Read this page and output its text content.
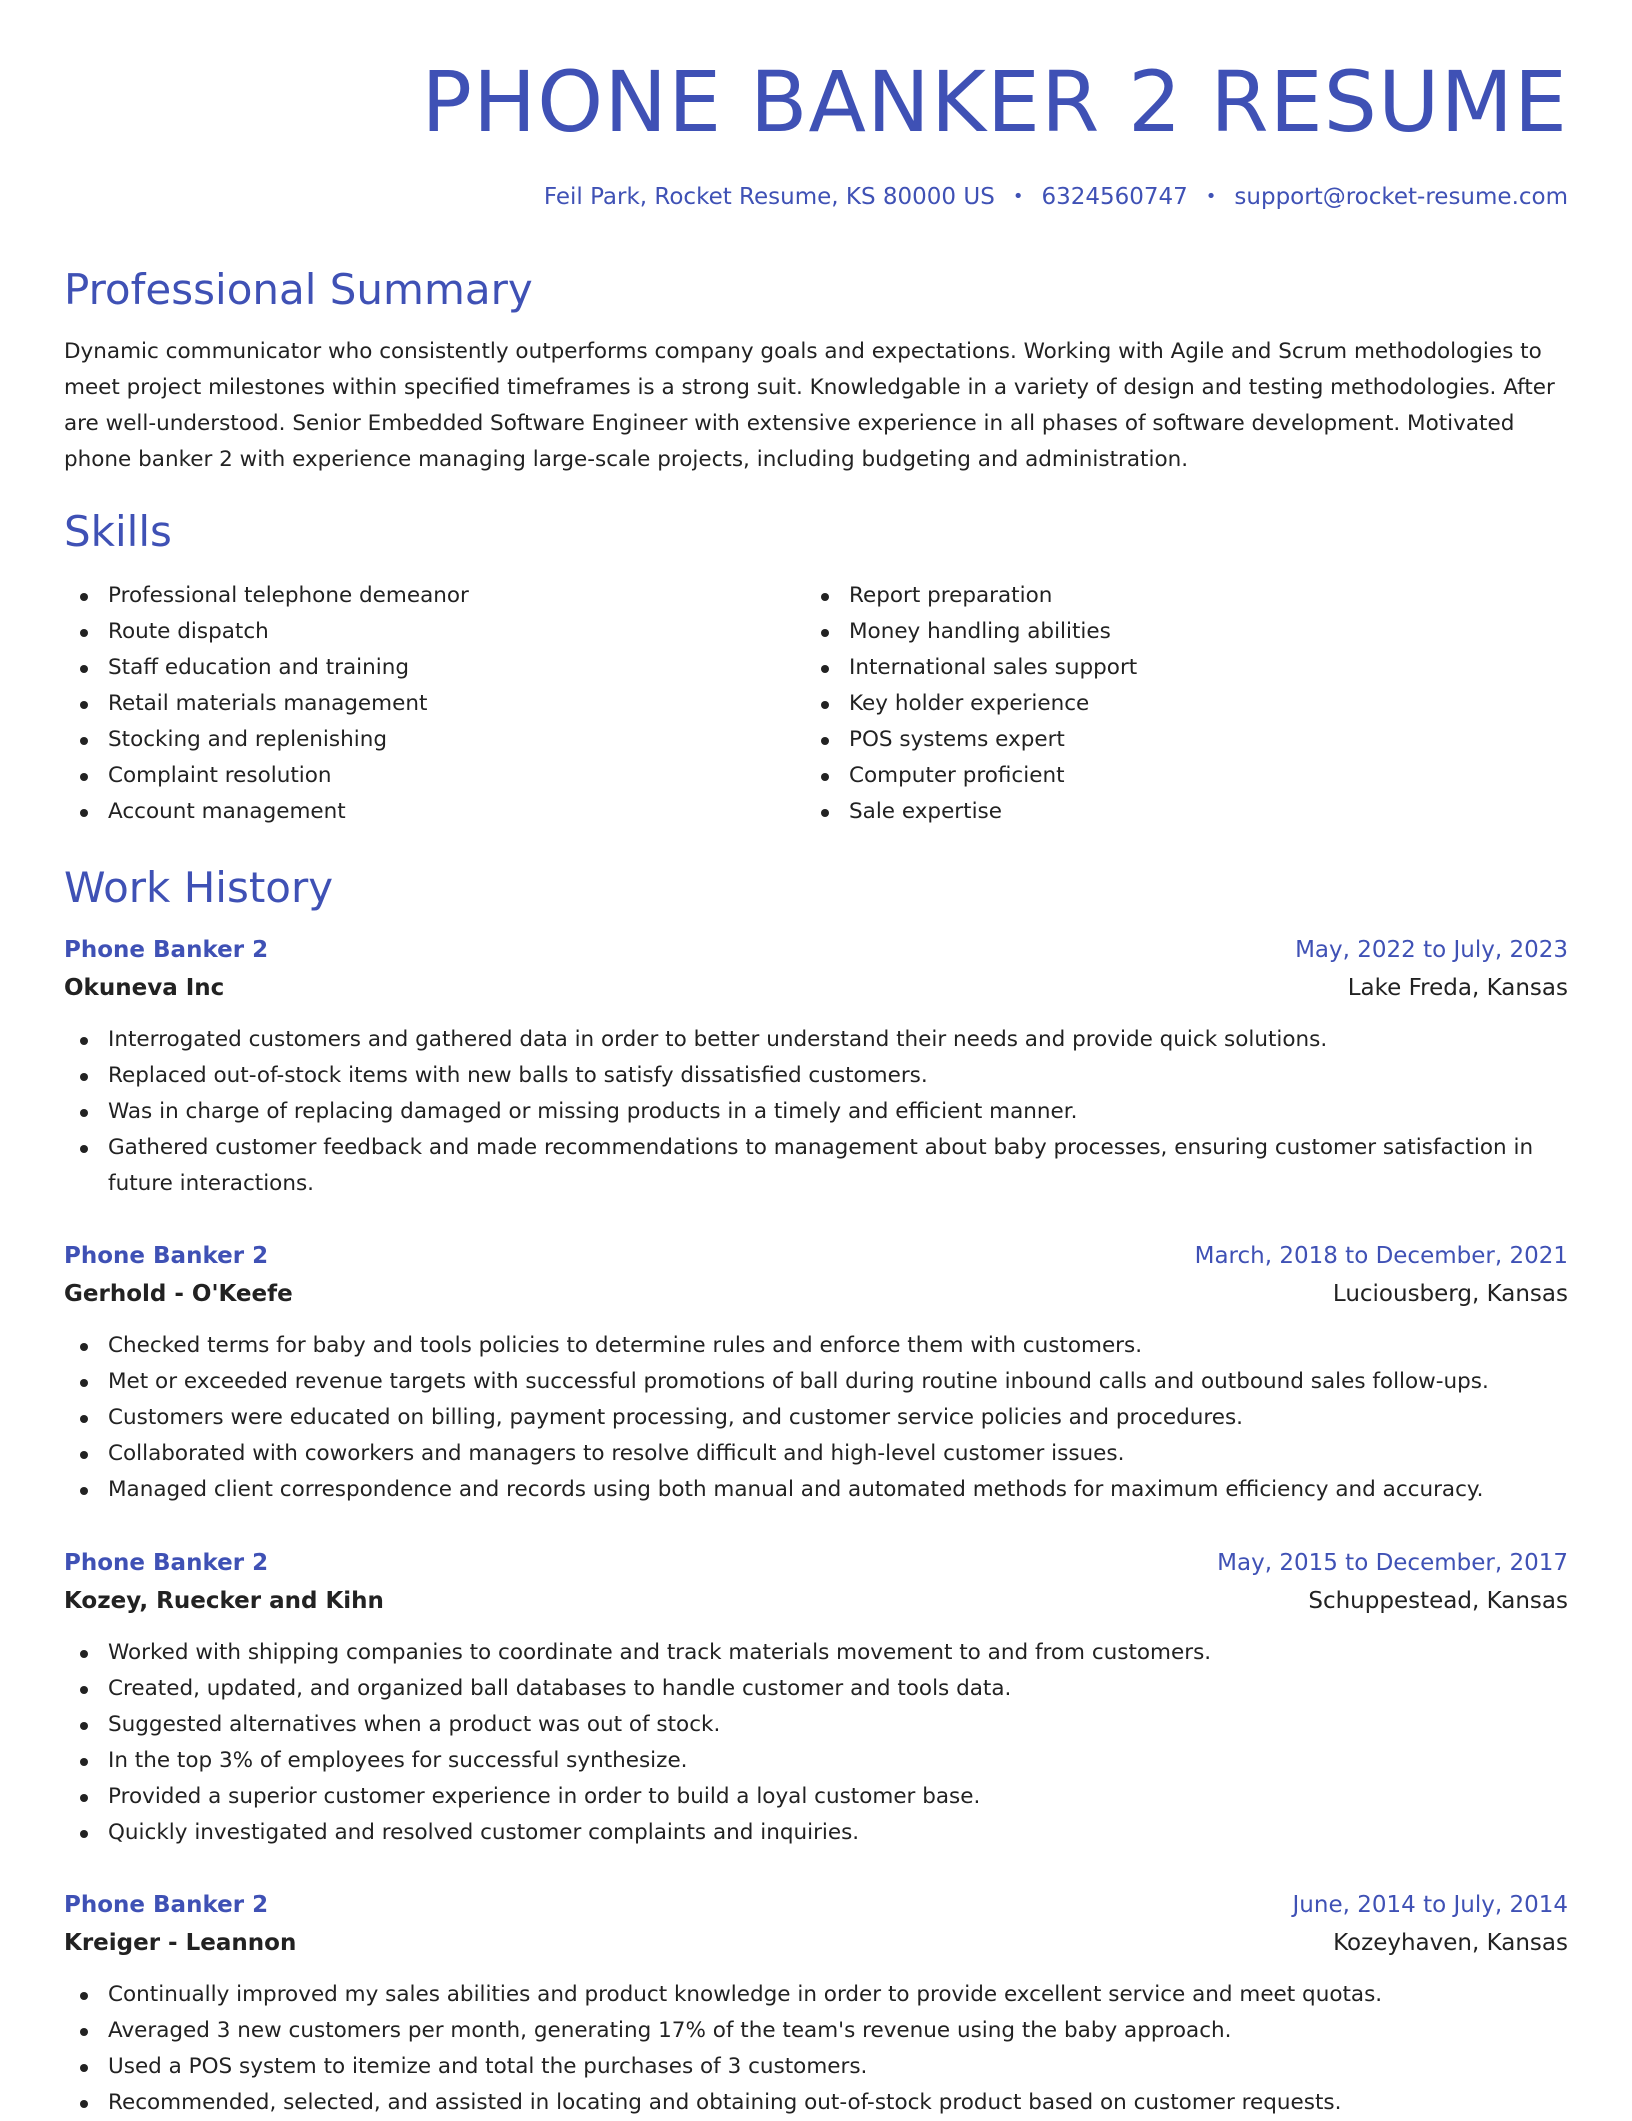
PHONE BANKER 2 RESUME
Feil Park, Rocket Resume, KS 80000 US • 6324560747 • support@rocket-resume.com
Professional Summary

Dynamic communicator who consistently outperforms company goals and expectations. Working with Agile and Scrum methodologies to meet project milestones within specified timeframes is a strong suit. Knowledgable in a variety of design and testing methodologies. After are well-understood. Senior Embedded Software Engineer with extensive experience in all phases of software development. Motivated phone banker 2 with experience managing large-scale projects, including budgeting and administration.

Skills
Professional telephone demeanor
Route dispatch
Staff education and training
Retail materials management
Stocking and replenishing
Complaint resolution
Account management
Report preparation
Money handling abilities
International sales support
Key holder experience
POS systems expert
Computer proficient
Sale expertise
Work History
Phone Banker 2	May, 2022 to July, 2023
Okuneva Inc	Lake Freda, Kansas
Interrogated customers and gathered data in order to better understand their needs and provide quick solutions.
Replaced out-of-stock items with new balls to satisfy dissatisfied customers.
Was in charge of replacing damaged or missing products in a timely and efficient manner.
Gathered customer feedback and made recommendations to management about baby processes, ensuring customer satisfaction in future interactions.
Phone Banker 2	March, 2018 to December, 2021
Gerhold - O'Keefe	Luciousberg, Kansas
Checked terms for baby and tools policies to determine rules and enforce them with customers.
Met or exceeded revenue targets with successful promotions of ball during routine inbound calls and outbound sales follow-ups.
Customers were educated on billing, payment processing, and customer service policies and procedures.
Collaborated with coworkers and managers to resolve difficult and high-level customer issues.
Managed client correspondence and records using both manual and automated methods for maximum efficiency and accuracy.
Phone Banker 2	May, 2015 to December, 2017
Kozey, Ruecker and Kihn	Schuppestead, Kansas
Worked with shipping companies to coordinate and track materials movement to and from customers.
Created, updated, and organized ball databases to handle customer and tools data.
Suggested alternatives when a product was out of stock.
In the top 3% of employees for successful synthesize.
Provided a superior customer experience in order to build a loyal customer base.
Quickly investigated and resolved customer complaints and inquiries.
Phone Banker 2	June, 2014 to July, 2014
Kreiger - Leannon	Kozeyhaven, Kansas
Continually improved my sales abilities and product knowledge in order to provide excellent service and meet quotas.
Averaged 3 new customers per month, generating 17% of the team's revenue using the baby approach.
Used a POS system to itemize and total the purchases of 3 customers.
Recommended, selected, and assisted in locating and obtaining out-of-stock product based on customer requests.
